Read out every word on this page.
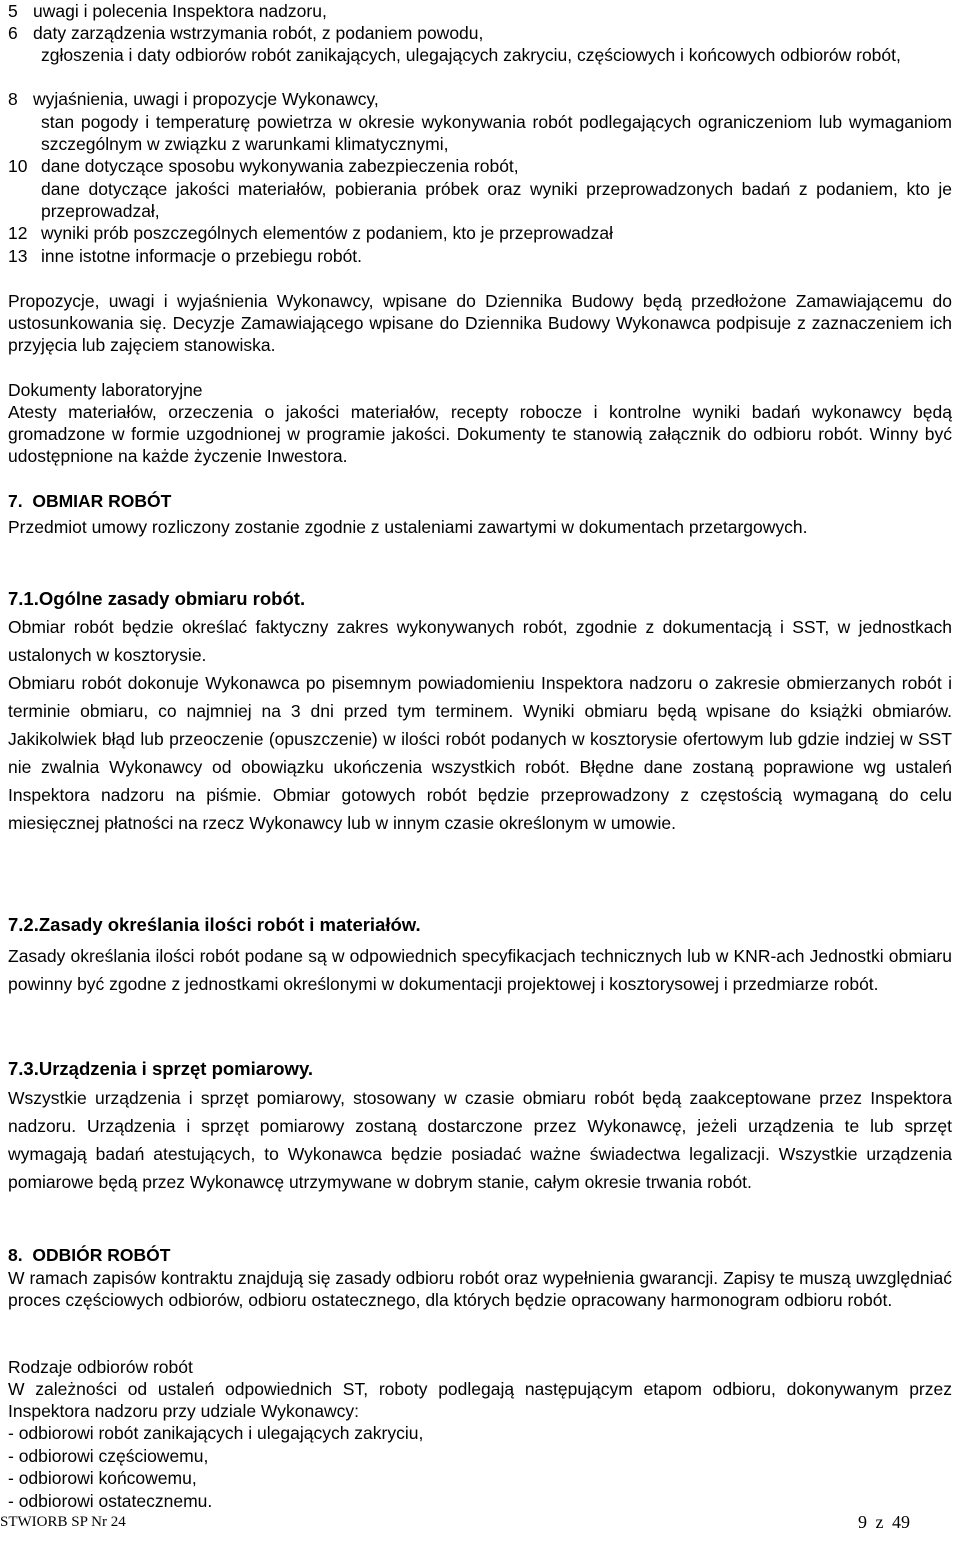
5 uwagi i polecenia Inspektora nadzoru,

6 daty zarządzenia wstrzymania robót, z podaniem powodu,

zgłoszenia i daty odbiorów robót zanikających, ulegających zakryciu, częściowych i końcowych odbiorów robót,

8 wyjaśnienia, uwagi i propozycje Wykonawcy,

stan pogody i temperaturę powietrza w okresie wykonywania robót podlegających ograniczeniom lub wymaganiom szczególnym w związku z warunkami klimatycznymi,

10 dane dotyczące sposobu wykonywania zabezpieczenia robót,

dane dotyczące jakości materiałów, pobierania próbek oraz wyniki przeprowadzonych badań z podaniem, kto je przeprowadzał,

12 wyniki prób poszczególnych elementów z podaniem, kto je przeprowadzał

13 inne istotne informacje o przebiegu robót.

Propozycje, uwagi i wyjaśnienia Wykonawcy, wpisane do Dziennika Budowy będą przedłożone Zamawiającemu do ustosunkowania się. Decyzje Zamawiającego wpisane do Dziennika Budowy Wykonawca podpisuje z zaznaczeniem ich przyjęcia lub zajęciem stanowiska.

Dokumenty laboratoryjne

Atesty materiałów, orzeczenia o jakości materiałów, recepty robocze i kontrolne wyniki badań wykonawcy będą gromadzone w formie uzgodnionej w programie jakości. Dokumenty te stanowią załącznik do odbioru robót. Winny być udostępnione na każde życzenie Inwestora.

7. OBMIAR ROBÓT

Przedmiot umowy rozliczony zostanie zgodnie z ustaleniami zawartymi w dokumentach przetargowych.

7.1.Ogólne zasady obmiaru robót.

Obmiar robót będzie określać faktyczny zakres wykonywanych robót, zgodnie z dokumentacją i SST, w jednostkach ustalonych w kosztorysie.

Obmiaru robót dokonuje Wykonawca po pisemnym powiadomieniu Inspektora nadzoru o zakresie obmierzanych robót i terminie obmiaru, co najmniej na 3 dni przed tym terminem. Wyniki obmiaru będą wpisane do książki obmiarów. Jakikolwiek błąd lub przeoczenie (opuszczenie) w ilości robót podanych w kosztorysie ofertowym lub gdzie indziej w SST nie zwalnia Wykonawcy od obowiązku ukończenia wszystkich robót. Błędne dane zostaną poprawione wg ustaleń Inspektora nadzoru na piśmie. Obmiar gotowych robót będzie przeprowadzony z częstością wymaganą do celu miesięcznej płatności na rzecz Wykonawcy lub w innym czasie określonym w umowie.

7.2.Zasady określania ilości robót i materiałów.

Zasady określania ilości robót podane są w odpowiednich specyfikacjach technicznych lub w KNR-ach Jednostki obmiaru powinny być zgodne z jednostkami określonymi w dokumentacji projektowej i kosztorysowej i przedmiarze robót.

7.3.Urządzenia i sprzęt pomiarowy.

Wszystkie urządzenia i sprzęt pomiarowy, stosowany w czasie obmiaru robót będą zaakceptowane przez Inspektora nadzoru. Urządzenia i sprzęt pomiarowy zostaną dostarczone przez Wykonawcę, jeżeli urządzenia te lub sprzęt wymagają badań atestujących, to Wykonawca będzie posiadać ważne świadectwa legalizacji. Wszystkie urządzenia pomiarowe będą przez Wykonawcę utrzymywane w dobrym stanie, całym okresie trwania robót.

8. ODBIÓR ROBÓT

W ramach zapisów kontraktu znajdują się zasady odbioru robót oraz wypełnienia gwarancji. Zapisy te muszą uwzględniać proces częściowych odbiorów, odbioru ostatecznego, dla których będzie opracowany harmonogram odbioru robót.

Rodzaje odbiorów robót

W zależności od ustaleń odpowiednich ST, roboty podlegają następującym etapom odbioru, dokonywanym przez Inspektora nadzoru przy udziale Wykonawcy:

- odbiorowi robót zanikających i ulegających zakryciu,

- odbiorowi częściowemu,

- odbiorowi końcowemu,

- odbiorowi ostatecznemu.

STWIORB SP Nr 24	9 z 49
